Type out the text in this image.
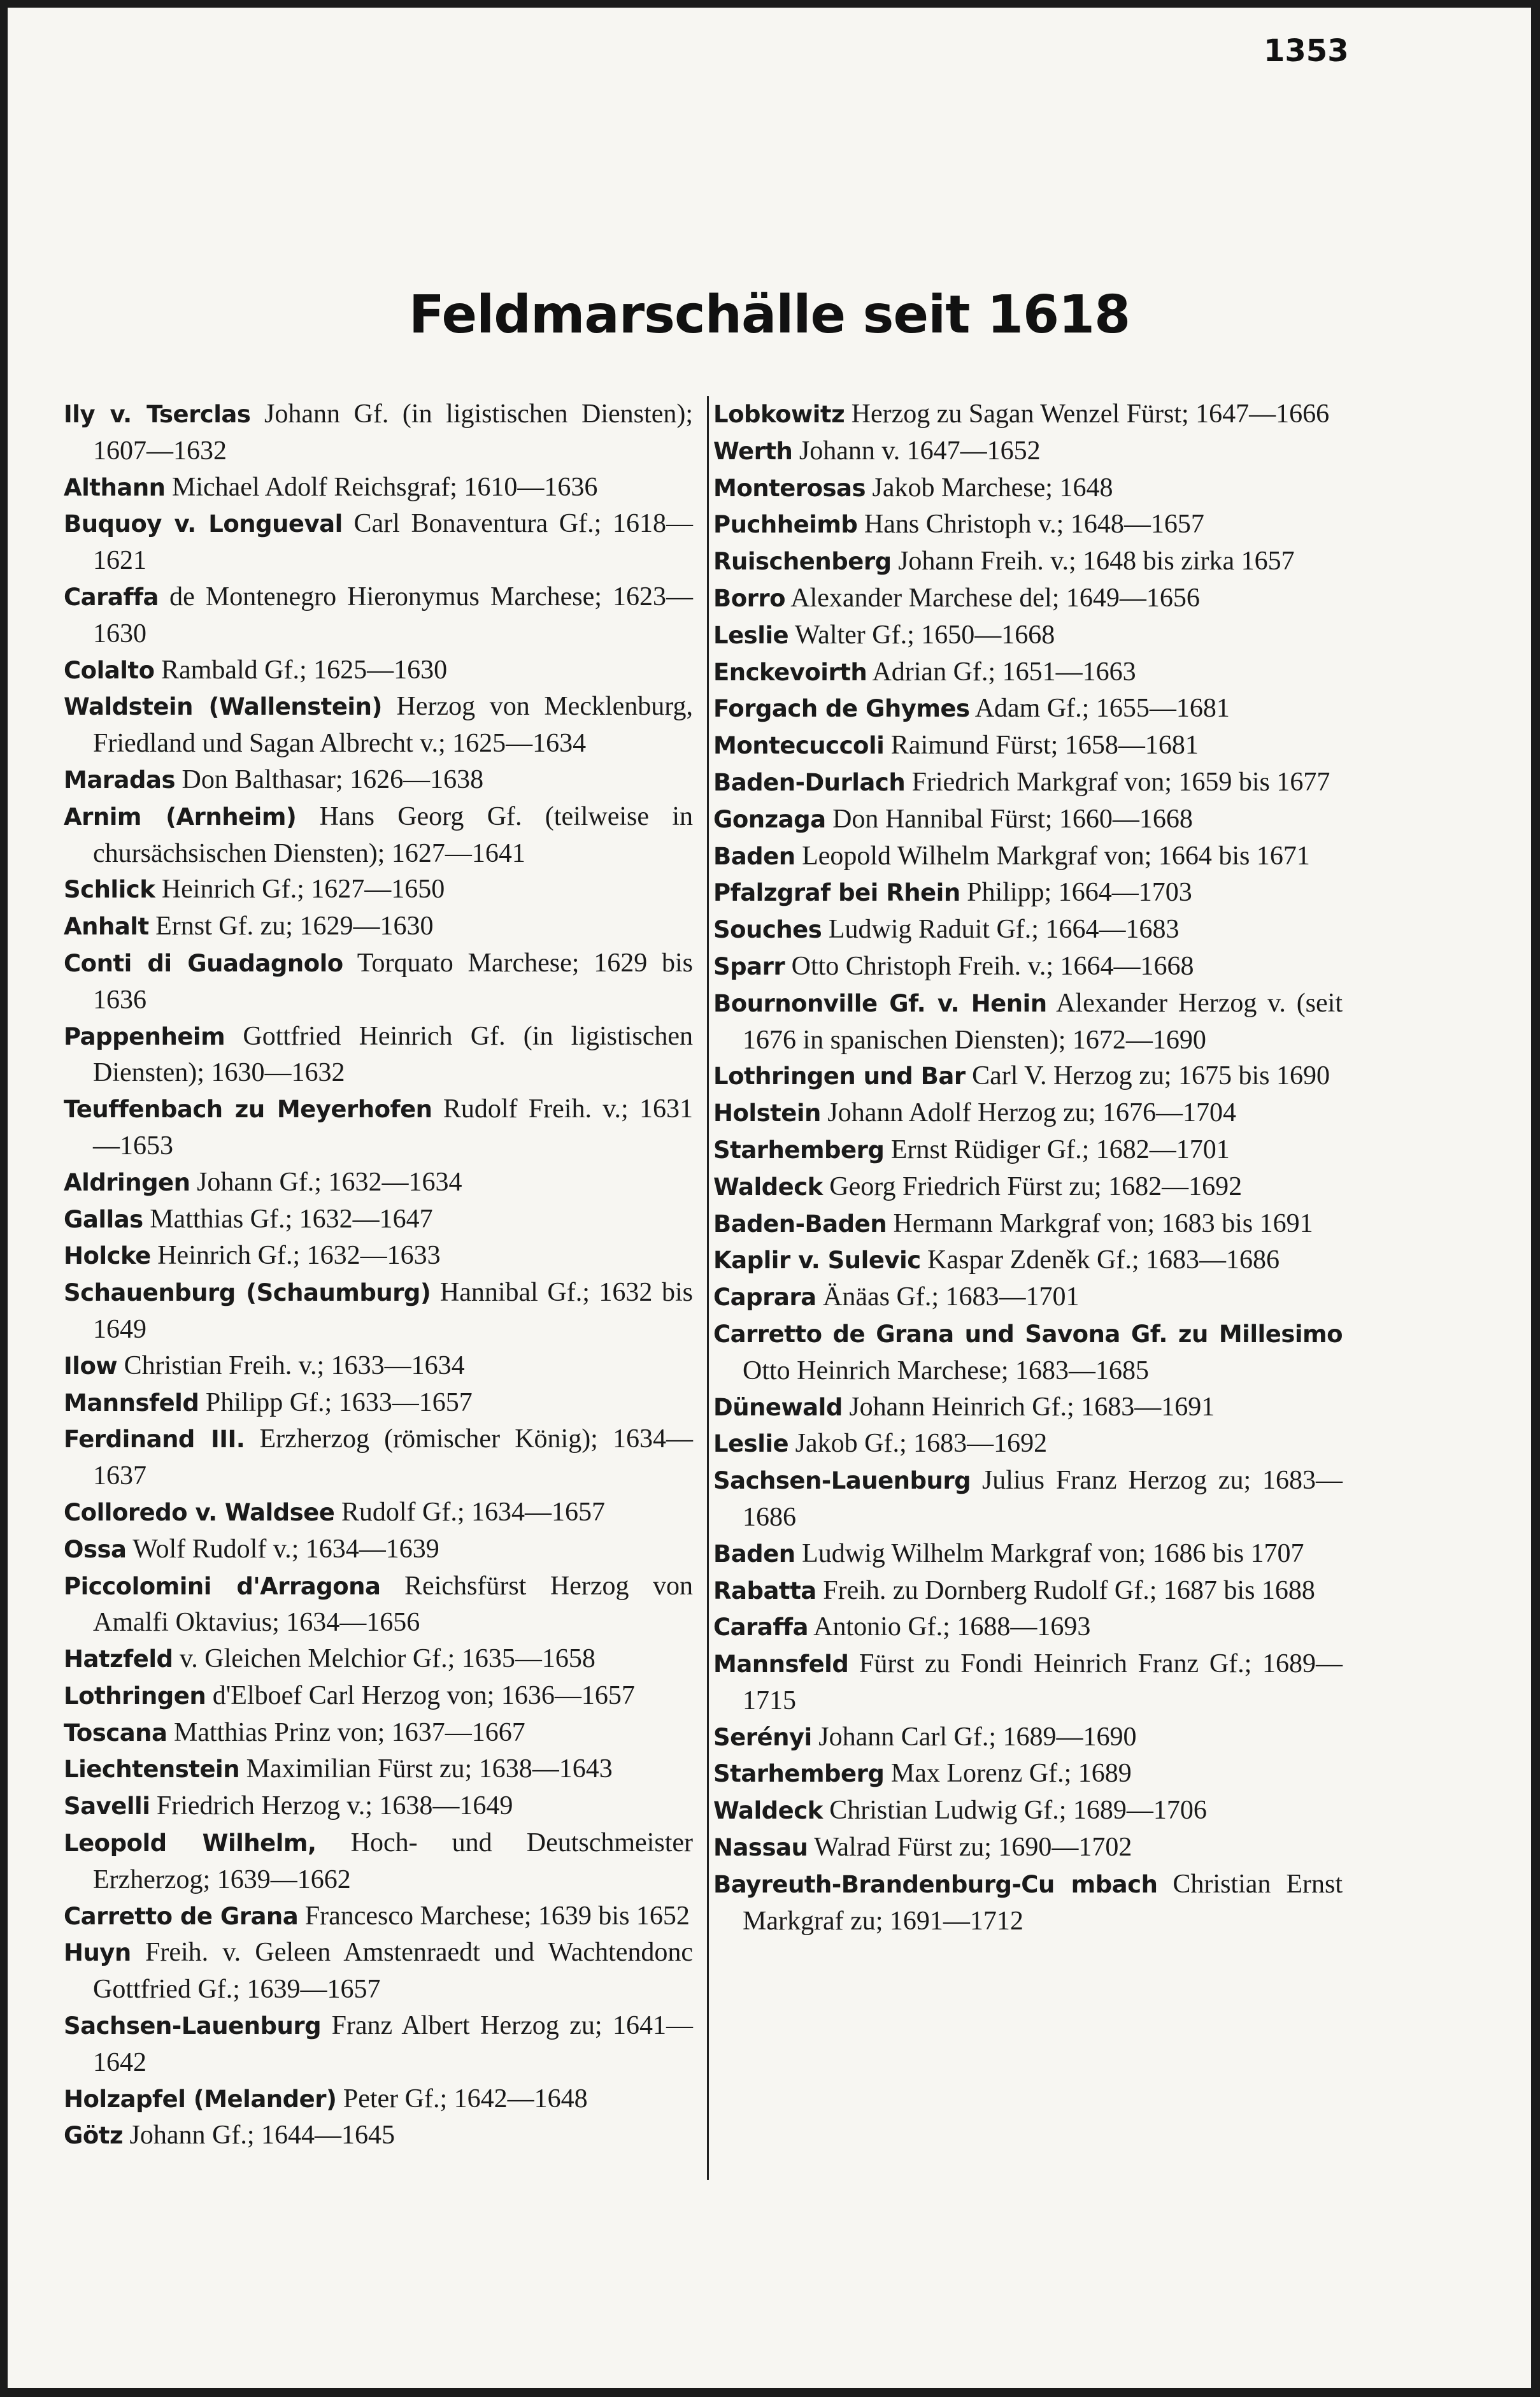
1353
Feldmarschälle seit 1618
Ily v. Tserclas Johann Gf. (in ligistischen Diensten); 1607—1632
Althann Michael Adolf Reichsgraf; 1610—1636
Buquoy v. Longueval Carl Bonaventura Gf.; 1618—1621
Caraffa de Montenegro Hieronymus Marchese; 1623—1630
Colalto Rambald Gf.; 1625—1630
Waldstein (Wallenstein) Herzog von Mecklenburg, Friedland und Sagan Albrecht v.; 1625—1634
Maradas Don Balthasar; 1626—1638
Arnim (Arnheim) Hans Georg Gf. (teilweise in chursächsischen Diensten); 1627—1641
Schlick Heinrich Gf.; 1627—1650
Anhalt Ernst Gf. zu; 1629—1630
Conti di Guadagnolo Torquato Marchese; 1629 bis 1636
Pappenheim Gottfried Heinrich Gf. (in ligistischen Diensten); 1630—1632
Teuffenbach zu Meyerhofen Rudolf Freih. v.; 1631—1653
Aldringen Johann Gf.; 1632—1634
Gallas Matthias Gf.; 1632—1647
Holcke Heinrich Gf.; 1632—1633
Schauenburg (Schaumburg) Hannibal Gf.; 1632 bis 1649
Ilow Christian Freih. v.; 1633—1634
Mannsfeld Philipp Gf.; 1633—1657
Ferdinand III. Erzherzog (römischer König); 1634—1637
Colloredo v. Waldsee Rudolf Gf.; 1634—1657
Ossa Wolf Rudolf v.; 1634—1639
Piccolomini d'Arragona Reichsfürst Herzog von Amalfi Oktavius; 1634—1656
Hatzfeld v. Gleichen Melchior Gf.; 1635—1658
Lothringen d'Elboef Carl Herzog von; 1636—1657
Toscana Matthias Prinz von; 1637—1667
Liechtenstein Maximilian Fürst zu; 1638—1643
Savelli Friedrich Herzog v.; 1638—1649
Leopold Wilhelm, Hoch- und Deutschmeister Erzherzog; 1639—1662
Carretto de Grana Francesco Marchese; 1639 bis 1652
Huyn Freih. v. Geleen Amstenraedt und Wachtendonc Gottfried Gf.; 1639—1657
Sachsen-Lauenburg Franz Albert Herzog zu; 1641—1642
Holzapfel (Melander) Peter Gf.; 1642—1648
Götz Johann Gf.; 1644—1645
Lobkowitz Herzog zu Sagan Wenzel Fürst; 1647—1666
Werth Johann v. 1647—1652
Monterosas Jakob Marchese; 1648
Puchheimb Hans Christoph v.; 1648—1657
Ruischenberg Johann Freih. v.; 1648 bis zirka 1657
Borro Alexander Marchese del; 1649—1656
Leslie Walter Gf.; 1650—1668
Enckevoirth Adrian Gf.; 1651—1663
Forgach de Ghymes Adam Gf.; 1655—1681
Montecuccoli Raimund Fürst; 1658—1681
Baden-Durlach Friedrich Markgraf von; 1659 bis 1677
Gonzaga Don Hannibal Fürst; 1660—1668
Baden Leopold Wilhelm Markgraf von; 1664 bis 1671
Pfalzgraf bei Rhein Philipp; 1664—1703
Souches Ludwig Raduit Gf.; 1664—1683
Sparr Otto Christoph Freih. v.; 1664—1668
Bournonville Gf. v. Henin Alexander Herzog v. (seit 1676 in spanischen Diensten); 1672—1690
Lothringen und Bar Carl V. Herzog zu; 1675 bis 1690
Holstein Johann Adolf Herzog zu; 1676—1704
Starhemberg Ernst Rüdiger Gf.; 1682—1701
Waldeck Georg Friedrich Fürst zu; 1682—1692
Baden-Baden Hermann Markgraf von; 1683 bis 1691
Kaplir v. Sulevic Kaspar Zdeněk Gf.; 1683—1686
Caprara Änäas Gf.; 1683—1701
Carretto de Grana und Savona Gf. zu Millesimo Otto Heinrich Marchese; 1683—1685
Dünewald Johann Heinrich Gf.; 1683—1691
Leslie Jakob Gf.; 1683—1692
Sachsen-Lauenburg Julius Franz Herzog zu; 1683—1686
Baden Ludwig Wilhelm Markgraf von; 1686 bis 1707
Rabatta Freih. zu Dornberg Rudolf Gf.; 1687 bis 1688
Caraffa Antonio Gf.; 1688—1693
Mannsfeld Fürst zu Fondi Heinrich Franz Gf.; 1689—1715
Serényi Johann Carl Gf.; 1689—1690
Starhemberg Max Lorenz Gf.; 1689
Waldeck Christian Ludwig Gf.; 1689—1706
Nassau Walrad Fürst zu; 1690—1702
Bayreuth-Brandenburg-Cu mbach Christian Ernst Markgraf zu; 1691—1712
